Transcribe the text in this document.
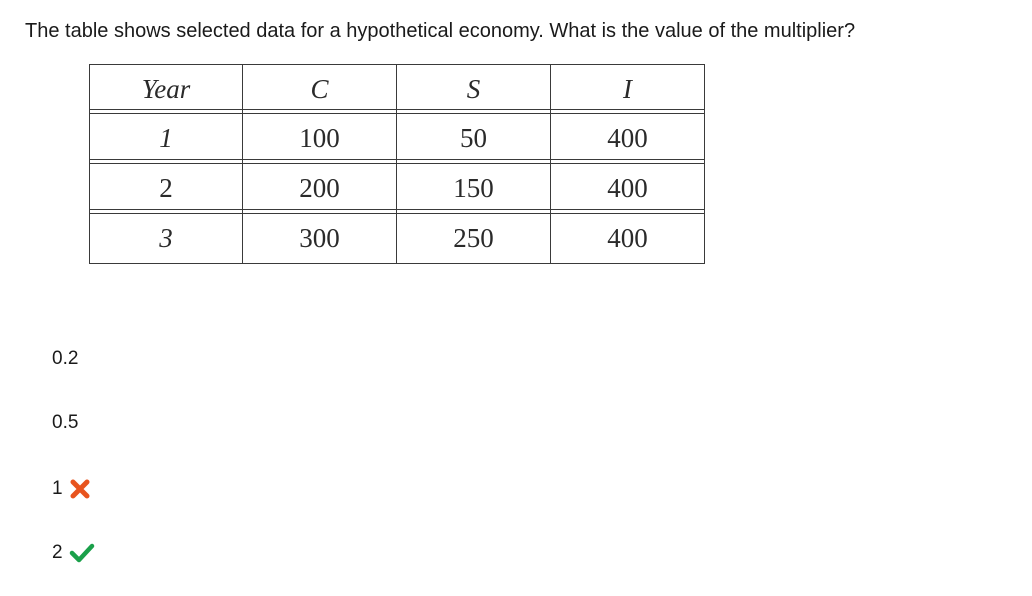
The table shows selected data for a hypothetical economy. What is the value of the multiplier?
Year	C	S	I
1	100	50	400
2	200	150	400
3	300	250	400
0.2
0.5
1
2
